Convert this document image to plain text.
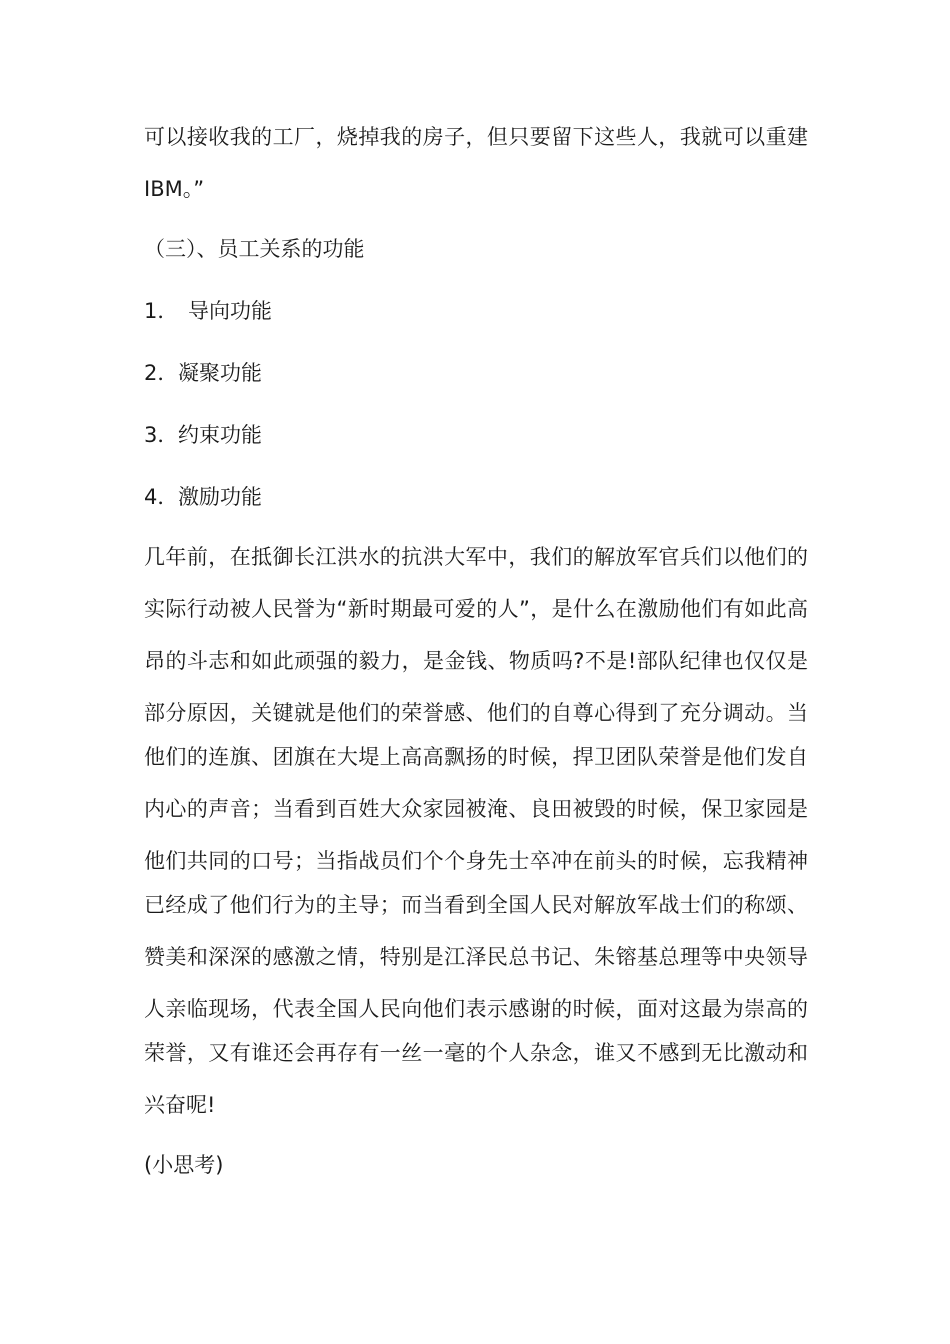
可以接收我的工厂，烧掉我的房子，但只要留下这些人，我就可以重建

IBM。”

（三）、员工关系的功能

1． 导向功能

2．凝聚功能

3．约束功能

4．激励功能

几年前，在抵御长江洪水的抗洪大军中，我们的解放军官兵们以他们的

实际行动被人民誉为“新时期最可爱的人”，是什么在激励他们有如此高

昂的斗志和如此顽强的毅力，是金钱、物质吗?不是!部队纪律也仅仅是

部分原因，关键就是他们的荣誉感、他们的自尊心得到了充分调动。当

他们的连旗、团旗在大堤上高高飘扬的时候，捍卫团队荣誉是他们发自

内心的声音；当看到百姓大众家园被淹、良田被毁的时候，保卫家园是

他们共同的口号；当指战员们个个身先士卒冲在前头的时候，忘我精神

已经成了他们行为的主导；而当看到全国人民对解放军战士们的称颂、

赞美和深深的感激之情，特别是江泽民总书记、朱镕基总理等中央领导

人亲临现场，代表全国人民向他们表示感谢的时候，面对这最为崇高的

荣誉，又有谁还会再存有一丝一毫的个人杂念，谁又不感到无比激动和

兴奋呢!

(小思考)
